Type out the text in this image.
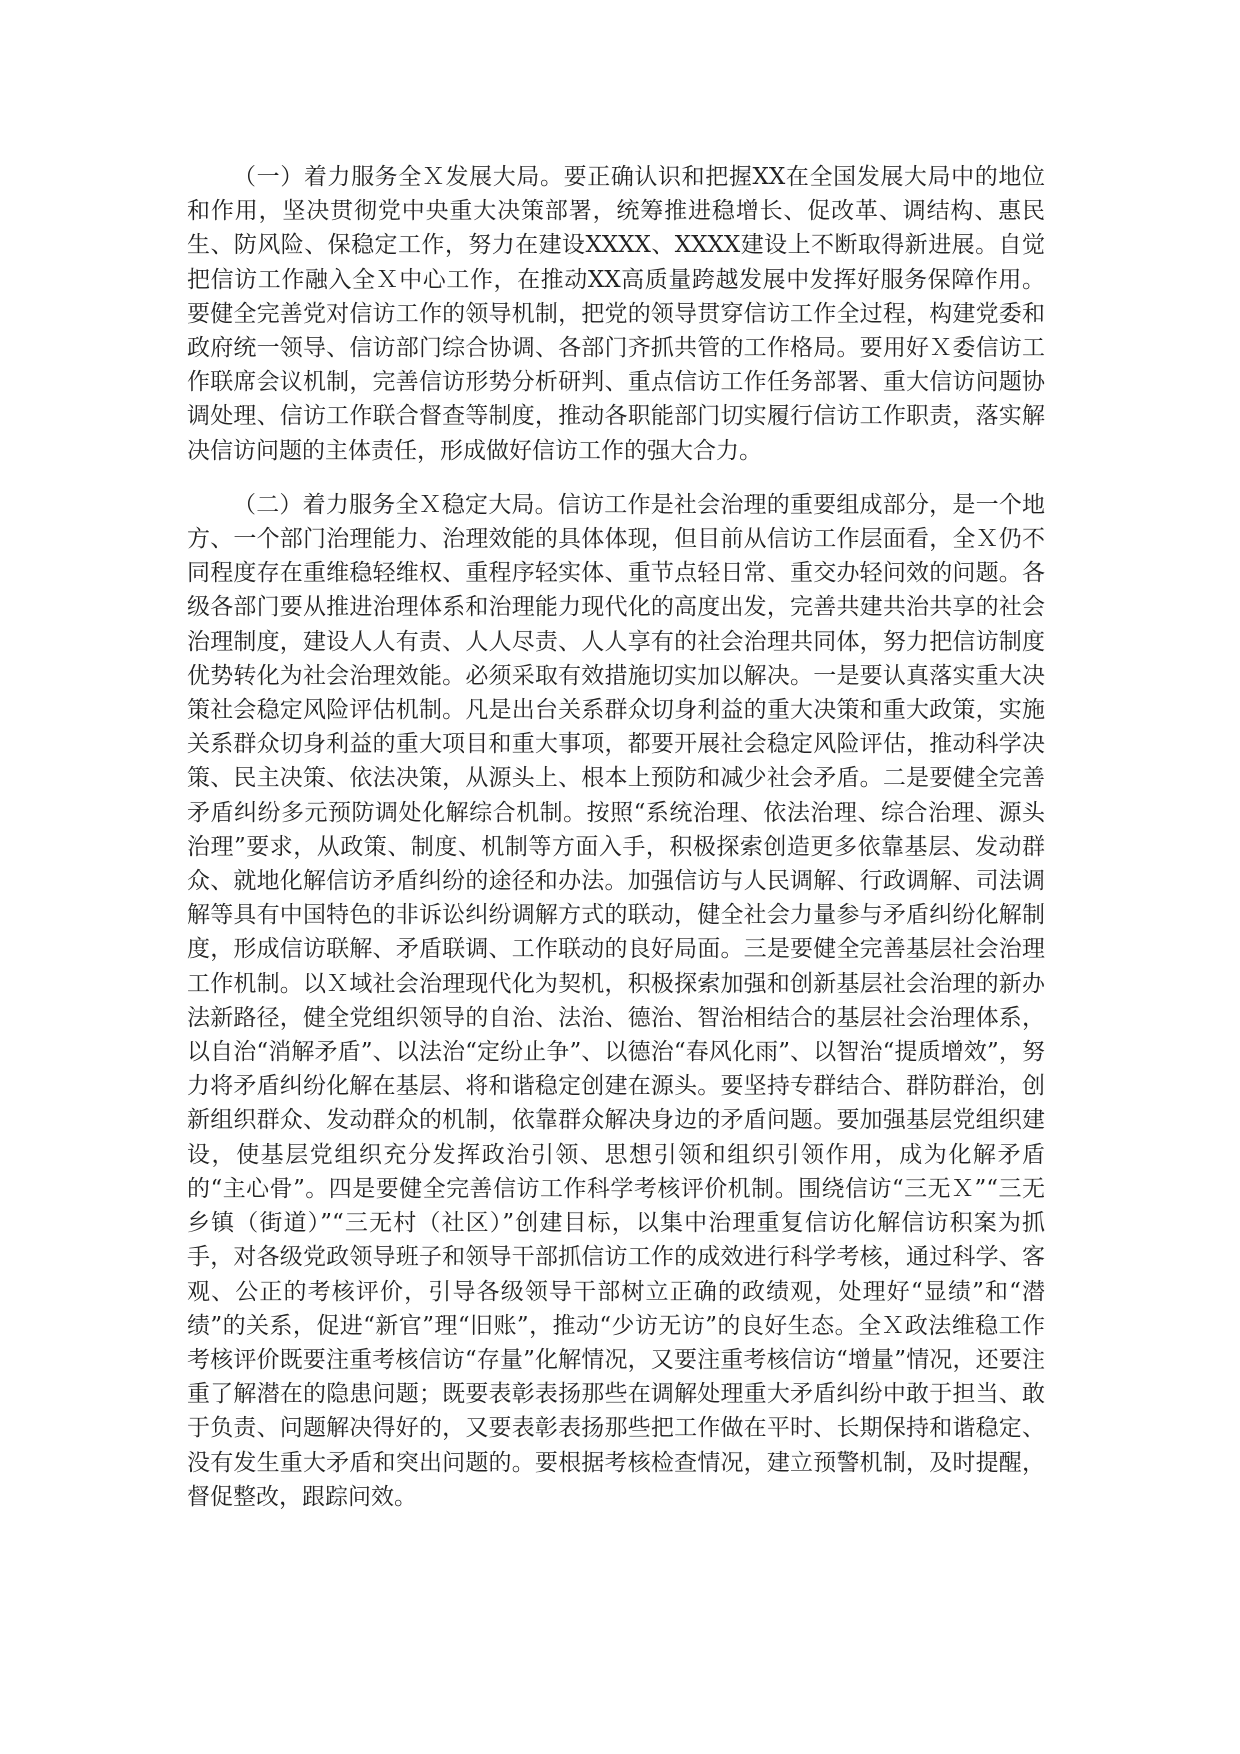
（一）着力服务全Ｘ发展大局。要正确认识和把握XX在全国发展大局中的地位和作用，坚决贯彻党中央重大决策部署，统筹推进稳增长、促改革、调结构、惠民生、防风险、保稳定工作，努力在建设XXXX、XXXX建设上不断取得新进展。自觉把信访工作融入全Ｘ中心工作，在推动XX高质量跨越发展中发挥好服务保障作用。要健全完善党对信访工作的领导机制，把党的领导贯穿信访工作全过程，构建党委和政府统一领导、信访部门综合协调、各部门齐抓共管的工作格局。要用好Ｘ委信访工作联席会议机制，完善信访形势分析研判、重点信访工作任务部署、重大信访问题协调处理、信访工作联合督查等制度，推动各职能部门切实履行信访工作职责，落实解决信访问题的主体责任，形成做好信访工作的强大合力。

（二）着力服务全Ｘ稳定大局。信访工作是社会治理的重要组成部分，是一个地方、一个部门治理能力、治理效能的具体体现，但目前从信访工作层面看，全Ｘ仍不同程度存在重维稳轻维权、重程序轻实体、重节点轻日常、重交办轻问效的问题。各级各部门要从推进治理体系和治理能力现代化的高度出发，完善共建共治共享的社会治理制度，建设人人有责、人人尽责、人人享有的社会治理共同体，努力把信访制度优势转化为社会治理效能。必须采取有效措施切实加以解决。一是要认真落实重大决策社会稳定风险评估机制。凡是出台关系群众切身利益的重大决策和重大政策，实施关系群众切身利益的重大项目和重大事项，都要开展社会稳定风险评估，推动科学决策、民主决策、依法决策，从源头上、根本上预防和减少社会矛盾。二是要健全完善矛盾纠纷多元预防调处化解综合机制。按照“系统治理、依法治理、综合治理、源头治理”要求，从政策、制度、机制等方面入手，积极探索创造更多依靠基层、发动群众、就地化解信访矛盾纠纷的途径和办法。加强信访与人民调解、行政调解、司法调解等具有中国特色的非诉讼纠纷调解方式的联动，健全社会力量参与矛盾纠纷化解制度，形成信访联解、矛盾联调、工作联动的良好局面。三是要健全完善基层社会治理工作机制。以Ｘ域社会治理现代化为契机，积极探索加强和创新基层社会治理的新办法新路径，健全党组织领导的自治、法治、德治、智治相结合的基层社会治理体系，以自治“消解矛盾”、以法治“定纷止争”、以德治“春风化雨”、以智治“提质增效”，努力将矛盾纠纷化解在基层、将和谐稳定创建在源头。要坚持专群结合、群防群治，创新组织群众、发动群众的机制，依靠群众解决身边的矛盾问题。要加强基层党组织建设，使基层党组织充分发挥政治引领、思想引领和组织引领作用，成为化解矛盾的“主心骨”。四是要健全完善信访工作科学考核评价机制。围绕信访“三无Ｘ”“三无乡镇（街道）”“三无村（社区）”创建目标，以集中治理重复信访化解信访积案为抓手，对各级党政领导班子和领导干部抓信访工作的成效进行科学考核，通过科学、客观、公正的考核评价，引导各级领导干部树立正确的政绩观，处理好“显绩”和“潜绩”的关系，促进“新官”理“旧账”，推动“少访无访”的良好生态。全Ｘ政法维稳工作考核评价既要注重考核信访“存量”化解情况，又要注重考核信访“增量”情况，还要注重了解潜在的隐患问题；既要表彰表扬那些在调解处理重大矛盾纠纷中敢于担当、敢于负责、问题解决得好的，又要表彰表扬那些把工作做在平时、长期保持和谐稳定、没有发生重大矛盾和突出问题的。要根据考核检查情况，建立预警机制，及时提醒，督促整改，跟踪问效。
